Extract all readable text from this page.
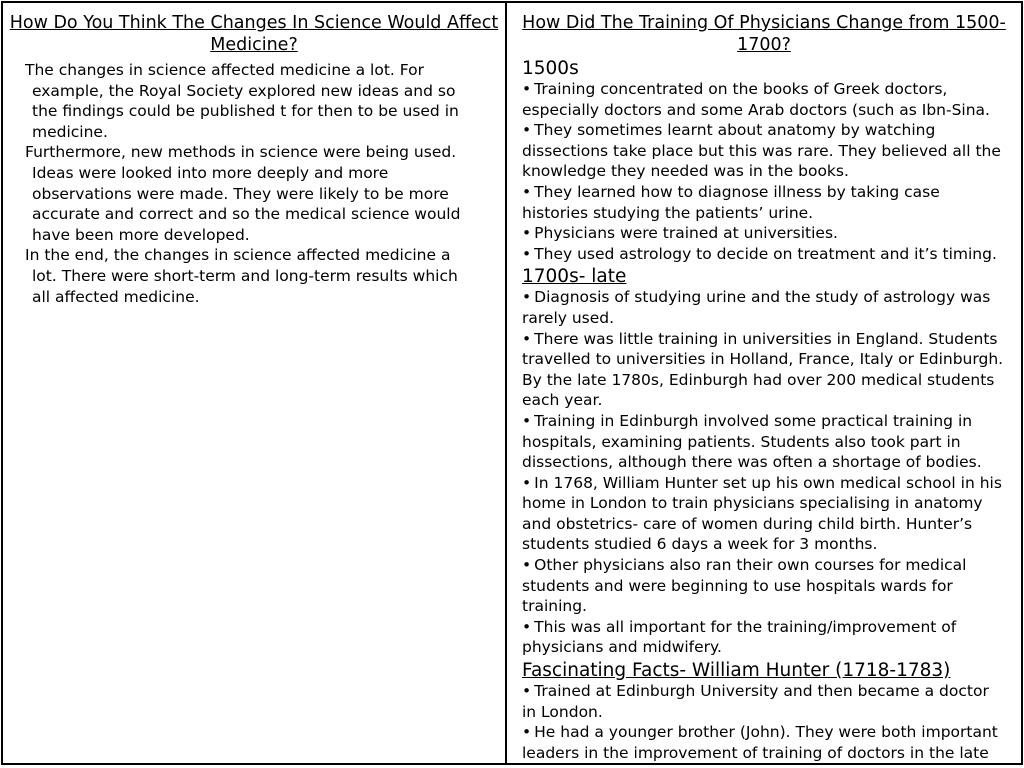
How Do You Think The Changes In Science Would Affect Medicine?

The changes in science affected medicine a lot. For example, the Royal Society explored new ideas and so the findings could be published t for then to be used in medicine.

Furthermore, new methods in science were being used. Ideas were looked into more deeply and more observations were made. They were likely to be more accurate and correct and so the medical science would have been more developed.

In the end, the changes in science affected medicine a lot. There were short-term and long-term results which all affected medicine.

How Did The Training Of Physicians Change from 1500-1700?
1500s

• Training concentrated on the books of Greek doctors, especially doctors and some Arab doctors (such as Ibn-Sina.

• They sometimes learnt about anatomy by watching dissections take place but this was rare. They believed all the knowledge they needed was in the books.

• They learned how to diagnose illness by taking case histories studying the patients’ urine.

• Physicians were trained at universities.

• They used astrology to decide on treatment and it’s timing.

1700s- late

• Diagnosis of studying urine and the study of astrology was rarely used.

• There was little training in universities in England. Students travelled to universities in Holland, France, Italy or Edinburgh. By the late 1780s, Edinburgh had over 200 medical students each year.

• Training in Edinburgh involved some practical training in hospitals, examining patients. Students also took part in dissections, although there was often a shortage of bodies.

• In 1768, William Hunter set up his own medical school in his home in London to train physicians specialising in anatomy and obstetrics- care of women during child birth. Hunter’s students studied 6 days a week for 3 months.

• Other physicians also ran their own courses for medical students and were beginning to use hospitals wards for training.

• This was all important for the training/improvement of physicians and midwifery.

Fascinating Facts- William Hunter (1718-1783)

• Trained at Edinburgh University and then became a doctor in London.

• He had a younger brother (John). They were both important leaders in the improvement of training of doctors in the late
